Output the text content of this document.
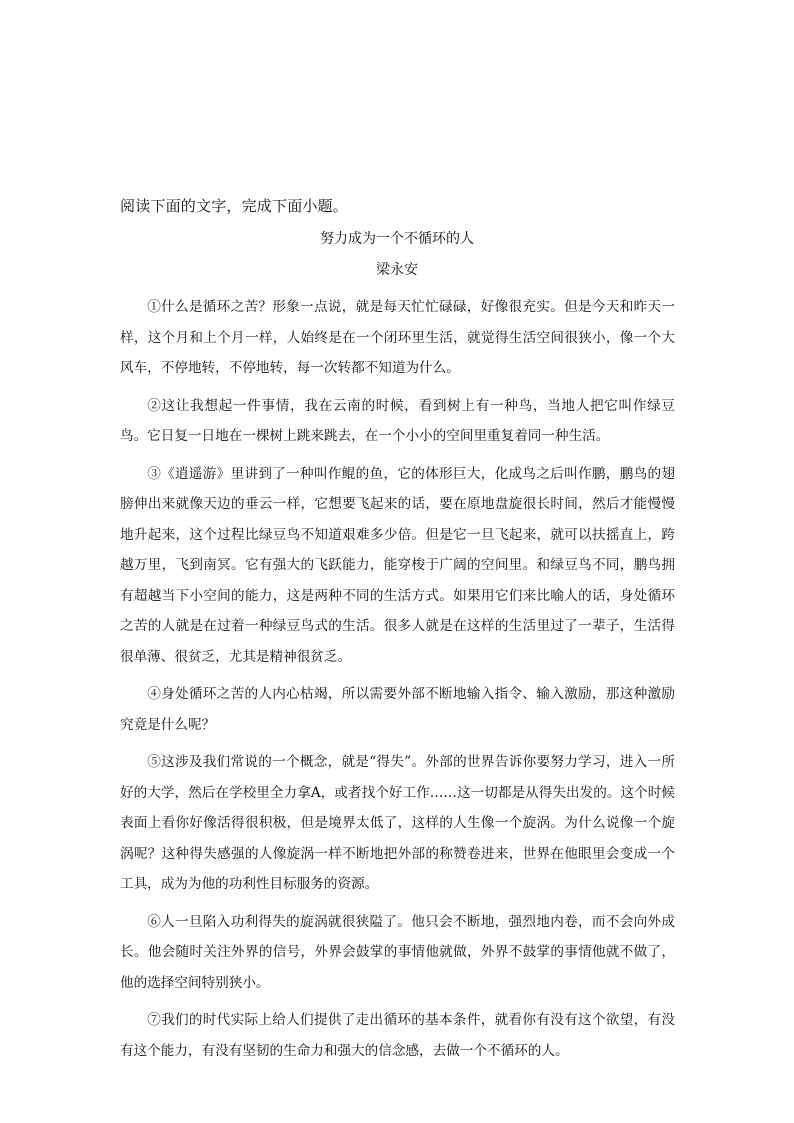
阅读下面的文字，完成下面小题。
努力成为一个不循环的人
梁永安

①什么是循环之苦？形象一点说，就是每天忙忙碌碌，好像很充实。但是今天和昨天一样，这个月和上个月一样，人始终是在一个闭环里生活，就觉得生活空间很狭小，像一个大风车，不停地转，不停地转，每一次转都不知道为什么。

②这让我想起一件事情，我在云南的时候，看到树上有一种鸟，当地人把它叫作绿豆鸟。它日复一日地在一棵树上跳来跳去，在一个小小的空间里重复着同一种生活。

③《逍遥游》里讲到了一种叫作鲲的鱼，它的体形巨大，化成鸟之后叫作鹏，鹏鸟的翅膀伸出来就像天边的垂云一样，它想要飞起来的话，要在原地盘旋很长时间，然后才能慢慢地升起来，这个过程比绿豆鸟不知道艰难多少倍。但是它一旦飞起来，就可以扶摇直上，跨越万里，飞到南冥。它有强大的飞跃能力，能穿梭于广阔的空间里。和绿豆鸟不同，鹏鸟拥有超越当下小空间的能力，这是两种不同的生活方式。如果用它们来比喻人的话，身处循环之苦的人就是在过着一种绿豆鸟式的生活。很多人就是在这样的生活里过了一辈子，生活得很单薄、很贫乏，尤其是精神很贫乏。

④身处循环之苦的人内心枯竭，所以需要外部不断地输入指令、输入激励，那这种激励究竟是什么呢？

⑤这涉及我们常说的一个概念，就是“得失”。外部的世界告诉你要努力学习，进入一所好的大学，然后在学校里全力拿A，或者找个好工作……这一切都是从得失出发的。这个时候表面上看你好像活得很积极，但是境界太低了，这样的人生像一个旋涡。为什么说像一个旋涡呢？这种得失感强的人像旋涡一样不断地把外部的称赞卷进来，世界在他眼里会变成一个工具，成为为他的功利性目标服务的资源。

⑥人一旦陷入功利得失的旋涡就很狭隘了。他只会不断地，强烈地内卷，而不会向外成长。他会随时关注外界的信号，外界会鼓掌的事情他就做，外界不鼓掌的事情他就不做了，他的选择空间特别狭小。

⑦我们的时代实际上给人们提供了走出循环的基本条件，就看你有没有这个欲望，有没有这个能力，有没有坚韧的生命力和强大的信念感，去做一个不循环的人。
